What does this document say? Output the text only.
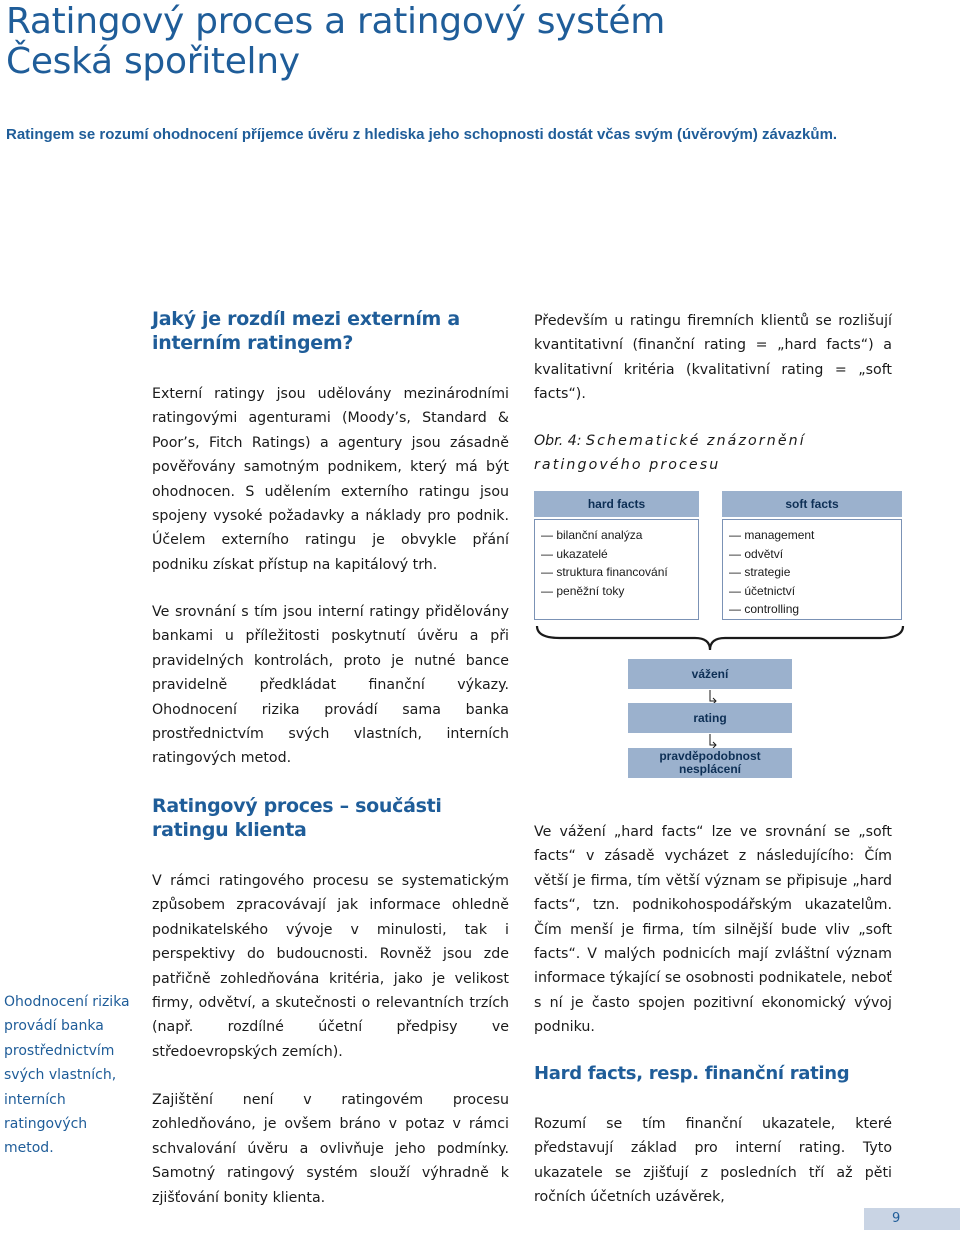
Ratingový proces a ratingový systém
Česká spořitelny

Ratingem se rozumí ohodnocení příjemce úvěru z hlediska jeho schopnosti dostát včas svým (úvěrovým) závazkům.

Jaký je rozdíl mezi externím a interním ratingem?

Externí ratingy jsou udělovány mezinárodními ratingovými agenturami (Moody’s, Standard & Poor’s, Fitch Ratings) a agentury jsou zásadně pověřovány samotným podnikem, který má být ohodnocen. S udělením externího ratingu jsou spojeny vysoké požadavky a náklady pro podnik. Účelem externího ratingu je obvykle přání podniku získat přístup na kapitálový trh.

Ve srovnání s tím jsou interní ratingy přidělovány bankami u příležitosti poskytnutí úvěru a při pravidelných kontrolách, proto je nutné bance pravidelně předkládat finanční výkazy. Ohodnocení rizika provádí sama banka prostřednictvím svých vlastních, interních ratingových metod.

Především u ratingu firemních klientů se rozlišují kvantitativní (finanční rating = „hard facts“) a kvalitativní kritéria (kvalitativní rating = „soft facts“).

Obr. 4: Schematické znázornění ratingového procesu

hard facts	soft facts
— bilanční analýza
— ukazatelé
— struktura financování
— peněžní toky
— management
— odvětví
— strategie
— účetnictví
— controlling
vážení
rating
pravděpodobnost nesplácení
Ratingový proces – součásti ratingu klienta

V rámci ratingového procesu se systematickým způsobem zpracovávají jak informace ohledně podnikatelského vývoje v minulosti, tak i perspektivy do budoucnosti. Rovněž jsou zde patřičně zohledňována kritéria, jako je velikost firmy, odvětví, a skutečnosti o relevantních trzích (např. rozdílné účetní předpisy ve středoevropských zemích).

Zajištění není v ratingovém procesu zohledňováno, je ovšem bráno v potaz v rámci schvalování úvěru a ovlivňuje jeho podmínky. Samotný ratingový systém slouží výhradně k zjišťování bonity klienta.

Ohodnocení rizika provádí banka prostřednictvím svých vlastních, interních ratingových metod.

Ve vážení „hard facts“ lze ve srovnání se „soft facts“ v zásadě vycházet z následujícího: Čím větší je firma, tím větší význam se připisuje „hard facts“, tzn. podnikohospodářským ukazatelům. Čím menší je firma, tím silnější bude vliv „soft facts“. V malých podnicích mají zvláštní význam informace týkající se osobnosti podnikatele, neboť s ní je často spojen pozitivní ekonomický vývoj podniku.

Hard facts, resp. finanční rating

Rozumí se tím finanční ukazatele, které představují základ pro interní rating. Tyto ukazatele se zjišťují z posledních tří až pěti ročních účetních uzávěrek,

9
